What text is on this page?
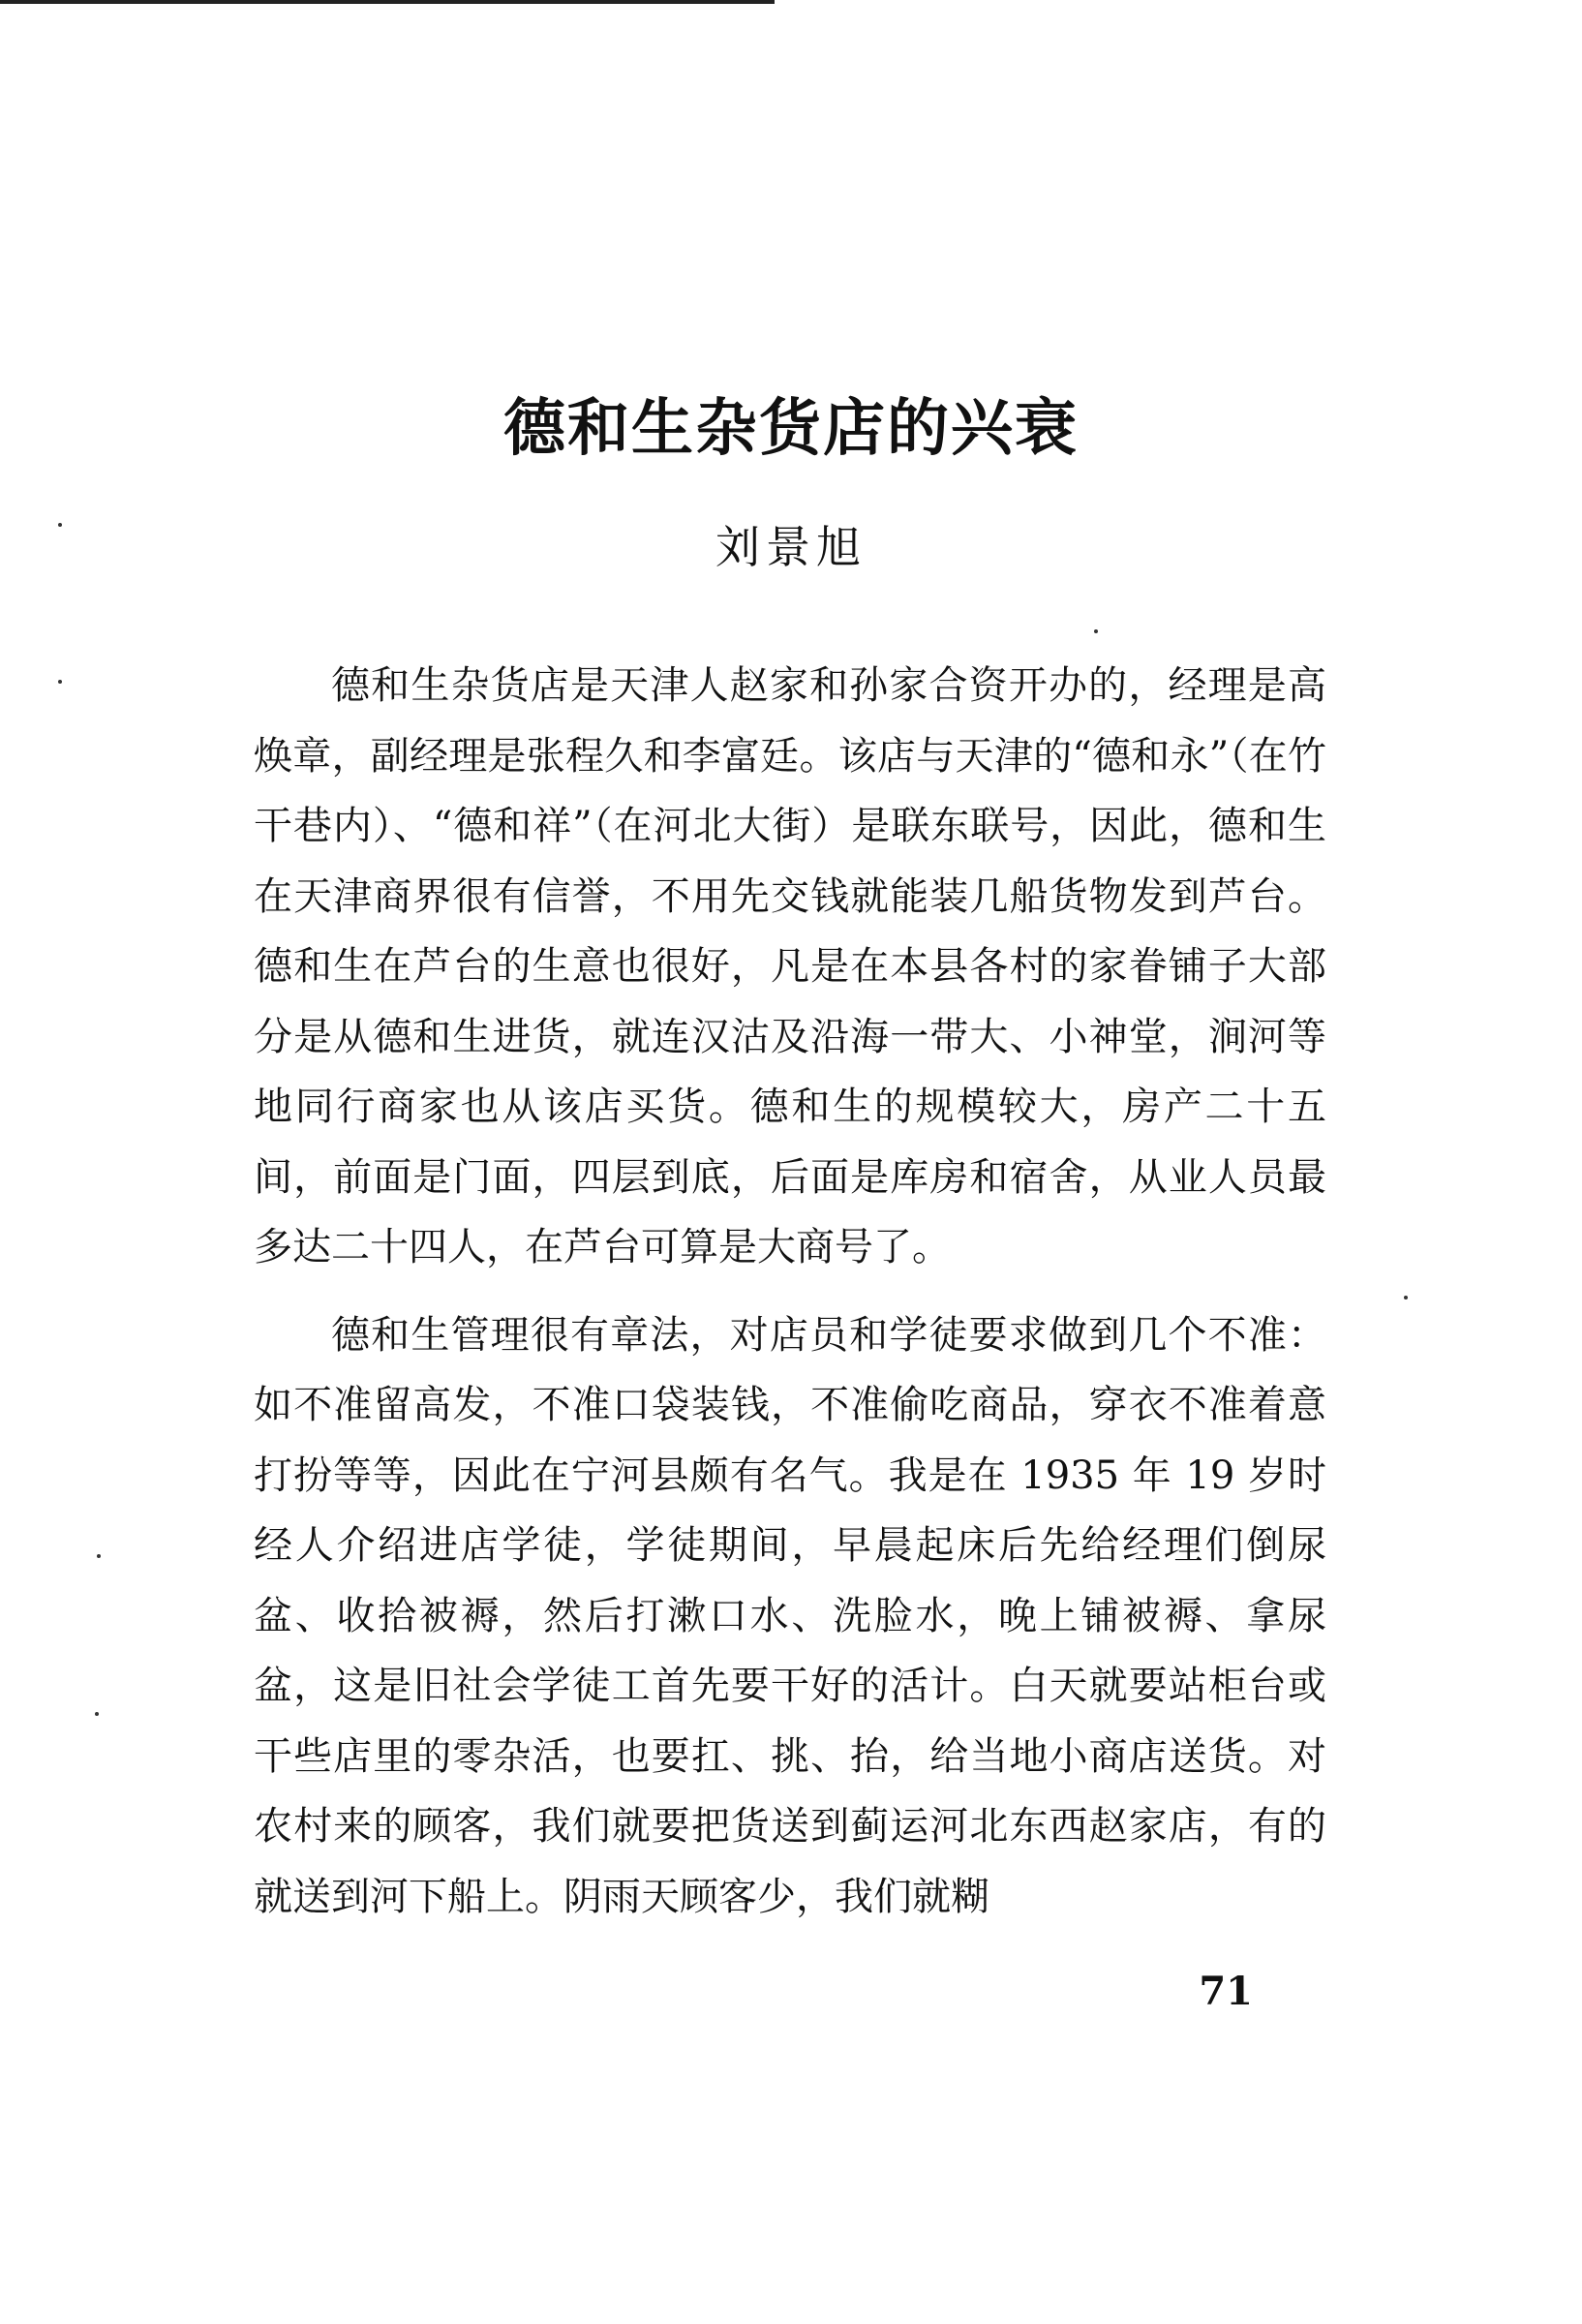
德和生杂货店的兴衰
刘景旭

德和生杂货店是天津人赵家和孙家合资开办的，经理是高焕章，副经理是张程久和李富廷。该店与天津的“德和永”（在竹干巷内）、“德和祥”（在河北大街）是联东联号，因此，德和生在天津商界很有信誉，不用先交钱就能装几船货物发到芦台。德和生在芦台的生意也很好，凡是在本县各村的家眷铺子大部分是从德和生进货，就连汉沽及沿海一带大、小神堂，涧河等地同行商家也从该店买货。德和生的规模较大，房产二十五间，前面是门面，四层到底，后面是库房和宿舍，从业人员最多达二十四人，在芦台可算是大商号了。

德和生管理很有章法，对店员和学徒要求做到几个不准：如不准留高发，不准口袋装钱，不准偷吃商品，穿衣不准着意打扮等等，因此在宁河县颇有名气。我是在 1935 年 19 岁时经人介绍进店学徒，学徒期间，早晨起床后先给经理们倒尿盆、收拾被褥，然后打漱口水、洗脸水，晚上铺被褥、拿尿盆，这是旧社会学徒工首先要干好的活计。白天就要站柜台或干些店里的零杂活，也要扛、挑、抬，给当地小商店送货。对农村来的顾客，我们就要把货送到蓟运河北东西赵家店，有的就送到河下船上。阴雨天顾客少，我们就糊

71
